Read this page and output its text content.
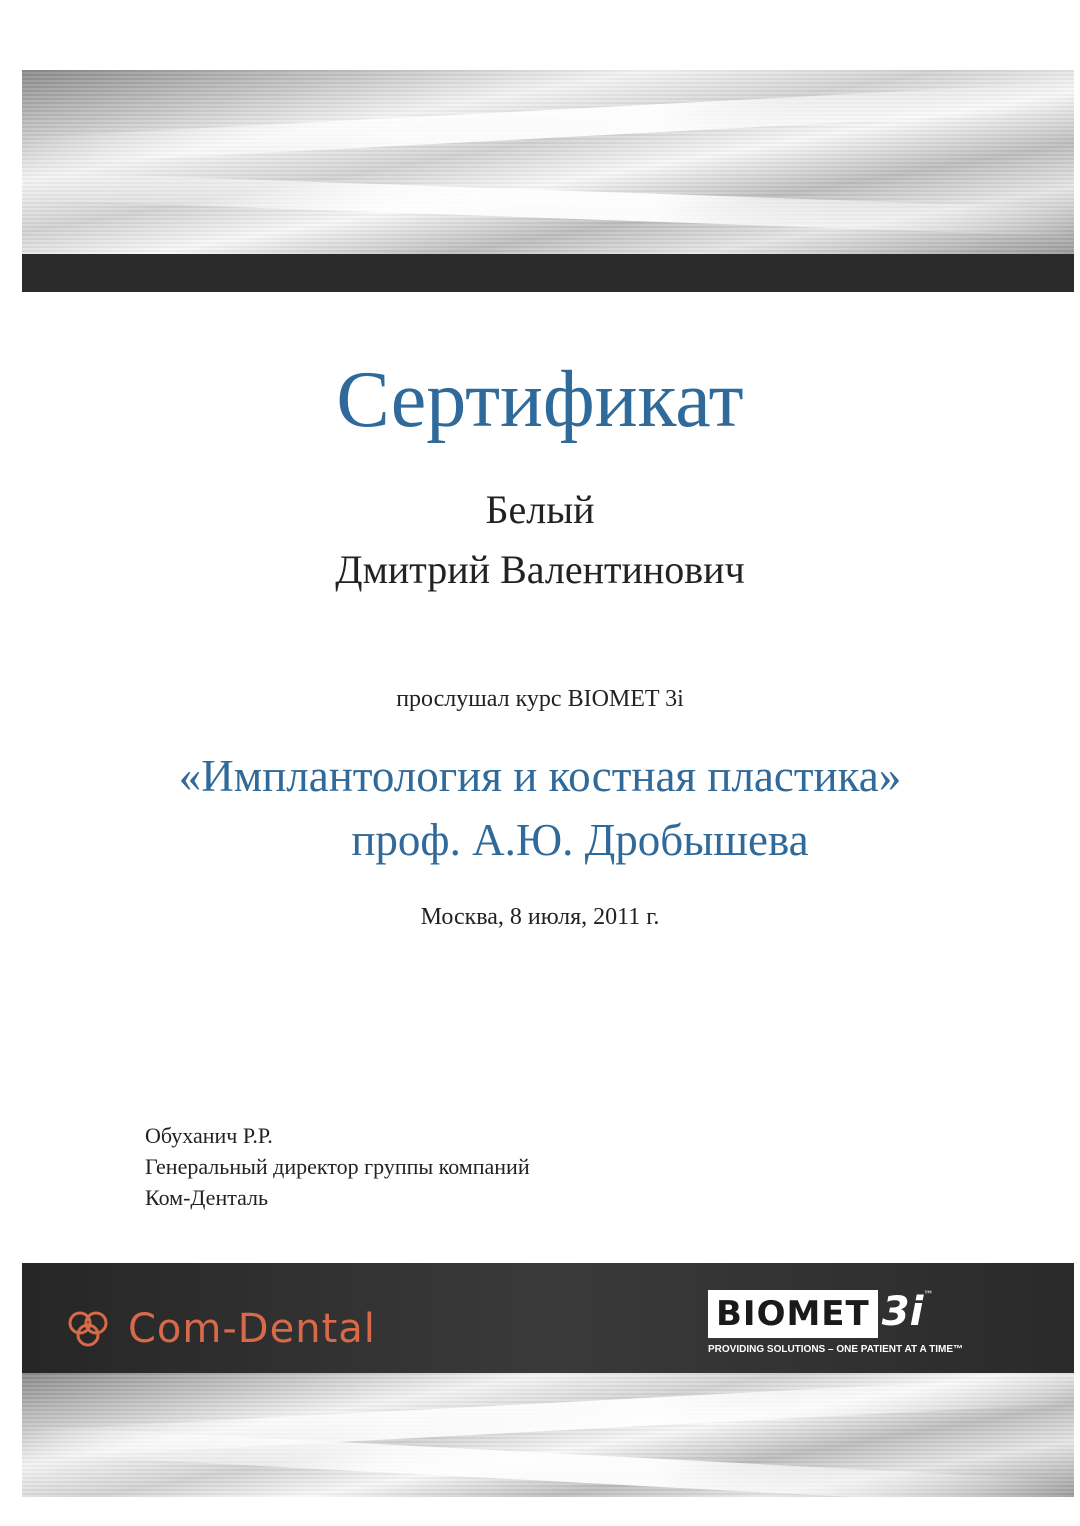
Сертификат
Белый
Дмитрий Валентинович
прослушал курс BIOMET 3i
«Имплантология и костная пластика»
проф. А.Ю. Дробышева
Москва, 8 июля, 2011 г.
Обуханич Р.Р.
Генеральный директор группы компаний
Ком-Денталь
Com-Dental	BIOMET 3i™
PROVIDING SOLUTIONS – ONE PATIENT AT A TIME™
